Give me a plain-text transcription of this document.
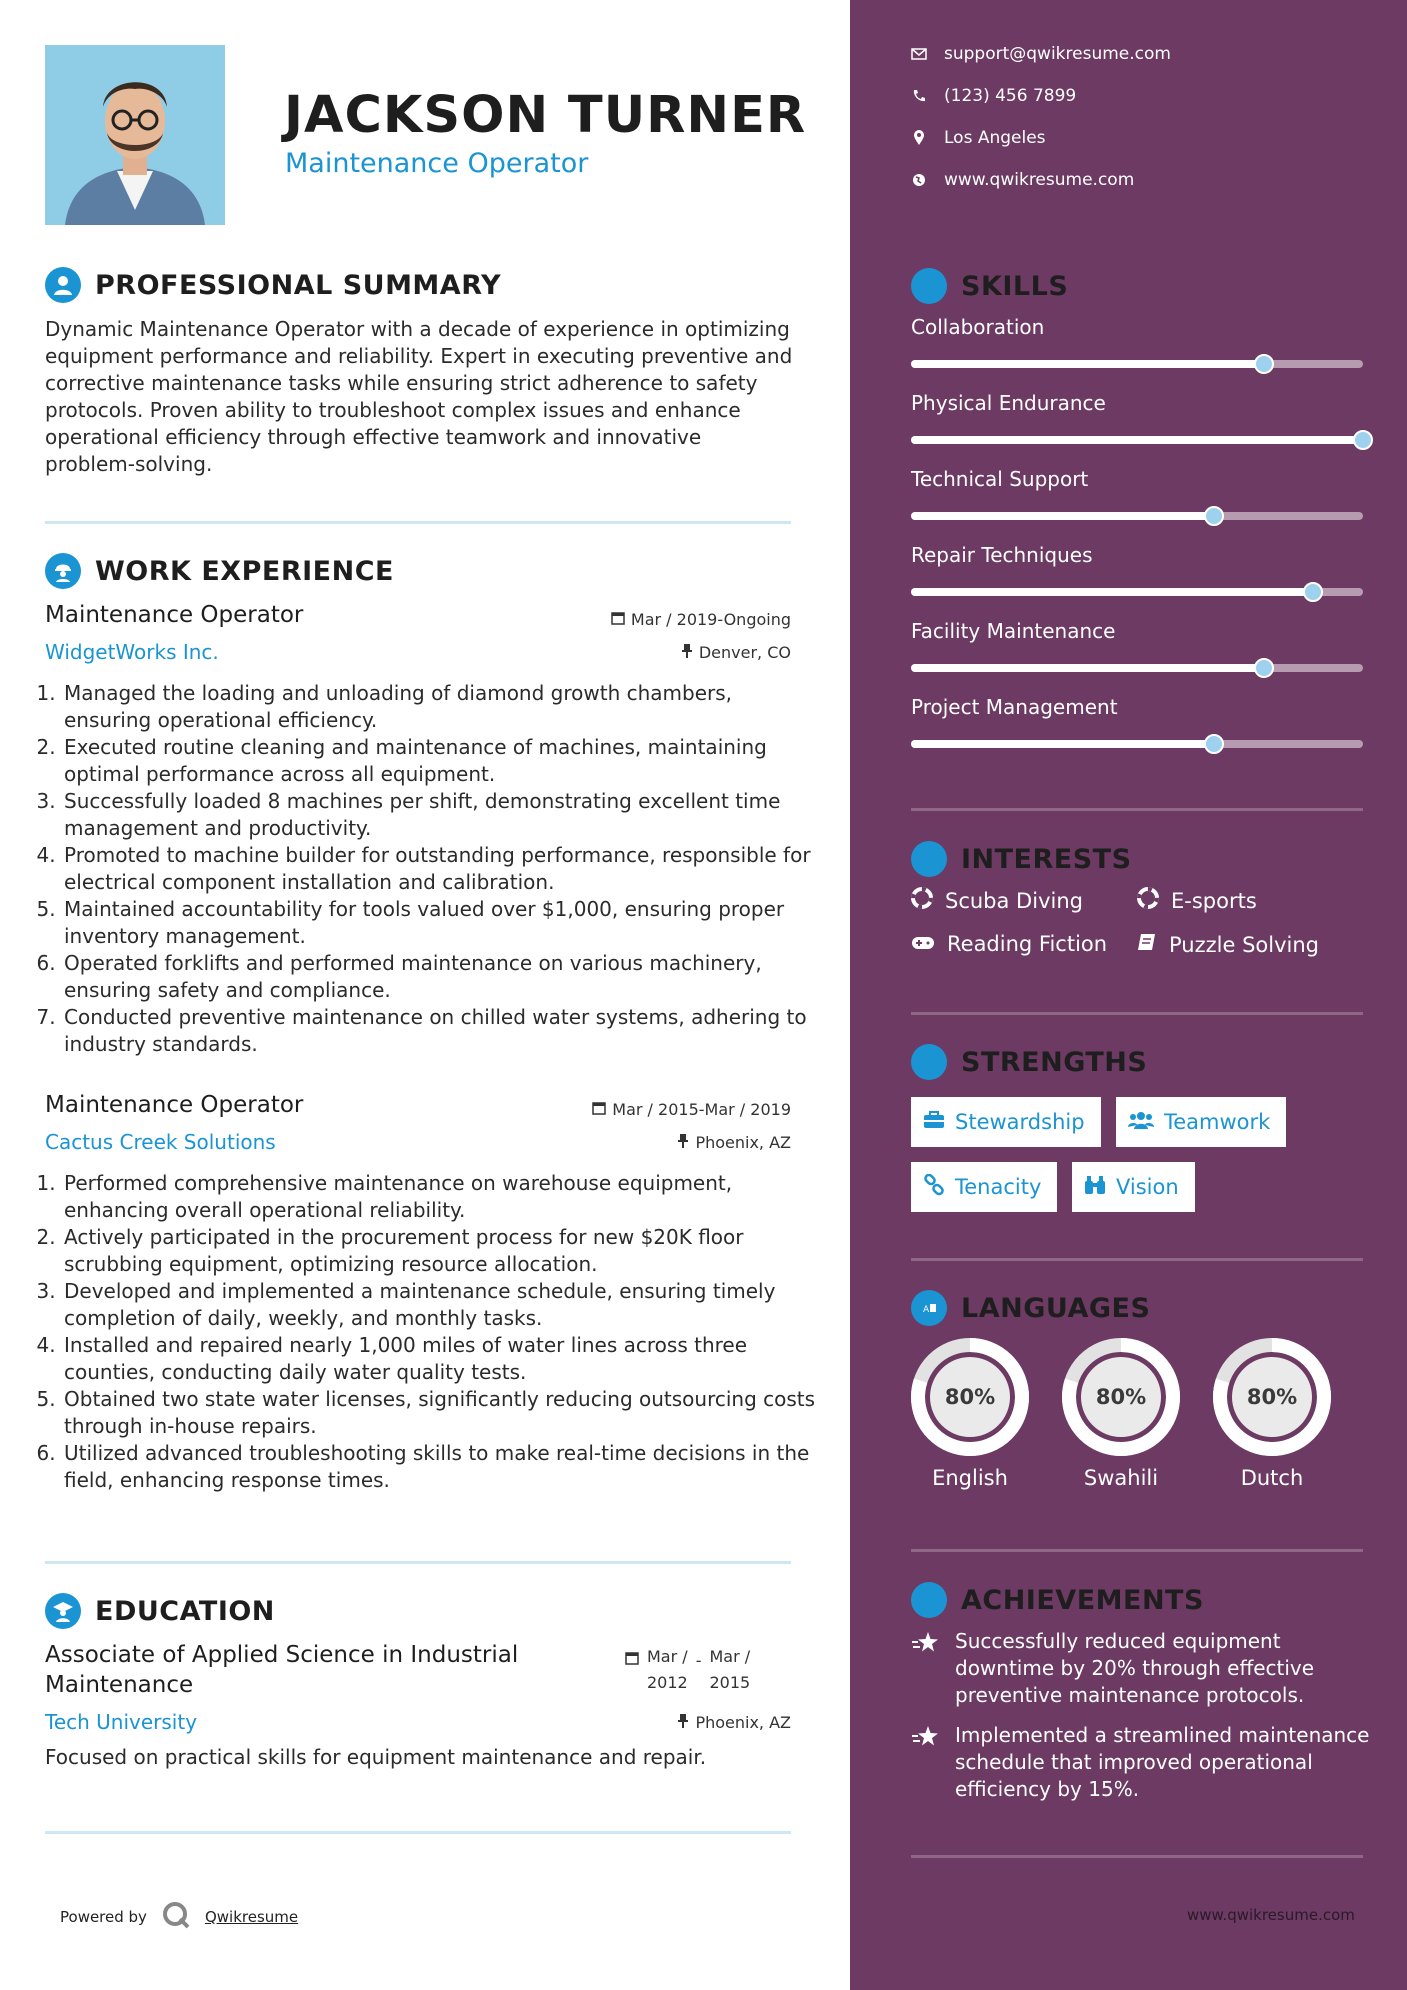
JACKSON TURNER
Maintenance Operator
PROFESSIONAL SUMMARY
Dynamic Maintenance Operator with a decade of experience in optimizing equipment performance and reliability. Expert in executing preventive and corrective maintenance tasks while ensuring strict adherence to safety protocols. Proven ability to troubleshoot complex issues and enhance operational efficiency through effective teamwork and innovative problem-solving.
WORK EXPERIENCE
Maintenance Operator	Mar / 2019-Ongoing
WidgetWorks Inc.	Denver, CO
1. Managed the loading and unloading of diamond growth chambers, ensuring operational efficiency.
2. Executed routine cleaning and maintenance of machines, maintaining optimal performance across all equipment.
3. Successfully loaded 8 machines per shift, demonstrating excellent time management and productivity.
4. Promoted to machine builder for outstanding performance, responsible for electrical component installation and calibration.
5. Maintained accountability for tools valued over $1,000, ensuring proper inventory management.
6. Operated forklifts and performed maintenance on various machinery, ensuring safety and compliance.
7. Conducted preventive maintenance on chilled water systems, adhering to industry standards.
Maintenance Operator	Mar / 2015-Mar / 2019
Cactus Creek Solutions	Phoenix, AZ
1. Performed comprehensive maintenance on warehouse equipment, enhancing overall operational reliability.
2. Actively participated in the procurement process for new $20K floor scrubbing equipment, optimizing resource allocation.
3. Developed and implemented a maintenance schedule, ensuring timely completion of daily, weekly, and monthly tasks.
4. Installed and repaired nearly 1,000 miles of water lines across three counties, conducting daily water quality tests.
5. Obtained two state water licenses, significantly reducing outsourcing costs through in-house repairs.
6. Utilized advanced troubleshooting skills to make real-time decisions in the field, enhancing response times.
EDUCATION
Associate of Applied Science in Industrial Maintenance
Mar /
2012
- Mar /
2015
Tech University	Phoenix, AZ
Focused on practical skills for equipment maintenance and repair.
Powered by	Qwikresume
support@qwikresume.com
(123) 456 7899
Los Angeles
www.qwikresume.com
SKILLS
Collaboration
Physical Endurance
Technical Support
Repair Techniques
Facility Maintenance
Project Management
INTERESTS
Scuba Diving	E-sports
Reading Fiction	Puzzle Solving
STRENGTHS
Stewardship	Teamwork
Tenacity	Vision
A LANGUAGES
80%
English
80%
Swahili
80%
Dutch
ACHIEVEMENTS
Successfully reduced equipment downtime by 20% through effective preventive maintenance protocols.
Implemented a streamlined maintenance schedule that improved operational efficiency by 15%.
www.qwikresume.com
